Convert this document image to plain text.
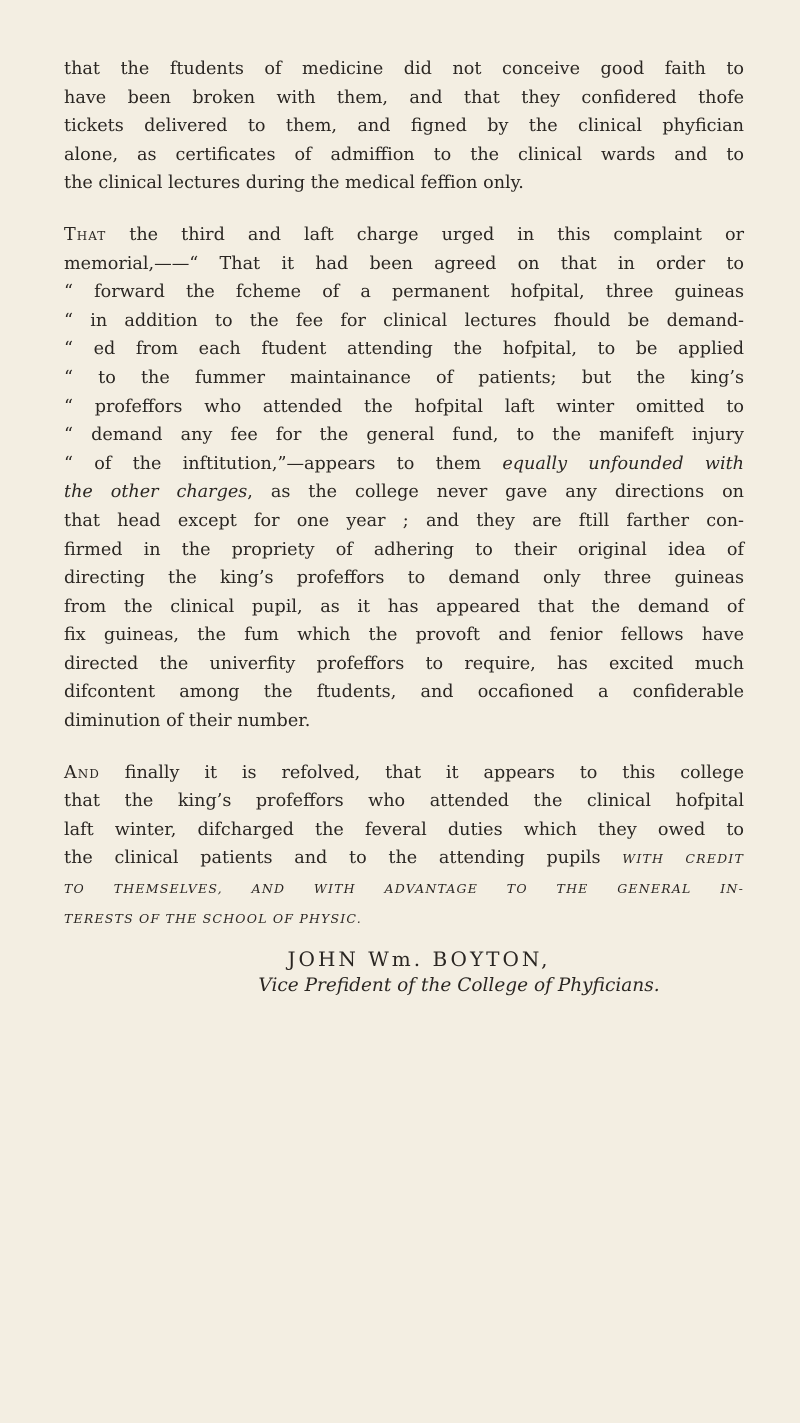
that the ftudents of medicine did not conceive good faith to
have been broken with them, and that they confidered thofe
tickets delivered to them, and figned by the clinical phyfician
alone, as certificates of admiffion to the clinical wards and to
the clinical lectures during the medical feffion only.

That the third and laft charge urged in this complaint or
memorial,——“ That it had been agreed on that in order to
“ forward the fcheme of a permanent hofpital, three guineas
“ in addition to the fee for clinical lectures fhould be demand-
“ ed from each ftudent attending the hofpital, to be applied
“ to the fummer maintainance of patients; but the king’s
“ profeffors who attended the hofpital laft winter omitted to
“ demand any fee for the general fund, to the manifeft injury
“ of the inftitution,”—appears to them equally unfounded with
the other charges, as the college never gave any directions on
that head except for one year ; and they are ftill farther con-
firmed in the propriety of adhering to their original idea of
directing the king’s profeffors to demand only three guineas
from the clinical pupil, as it has appeared that the demand of
fix guineas, the fum which the provoft and fenior fellows have
directed the univerfity profeffors to require, has excited much
difcontent among the ftudents, and occafioned a confiderable
diminution of their number.

And finally it is refolved, that it appears to this college
that the king’s profeffors who attended the clinical hofpital
laft winter, difcharged the feveral duties which they owed to
the clinical patients and to the attending pupils WITH CREDIT
TO THEMSELVES, AND WITH ADVANTAGE TO THE GENERAL IN-
TERESTS OF THE SCHOOL OF PHYSIC.

JOHN Wm. BOYTON,
Vice Prefident of the College of Phyficians.
